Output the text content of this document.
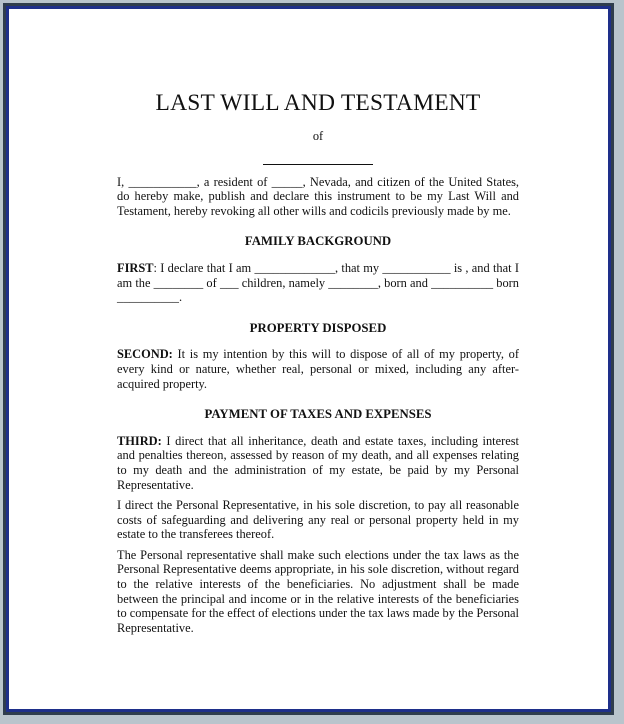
LAST WILL AND TESTAMENT
of

I, ___________, a resident of _____, Nevada, and citizen of the United States, do hereby make, publish and declare this instrument to be my Last Will and Testament, hereby revoking all other wills and codicils previously made by me.

FAMILY BACKGROUND

FIRST: I declare that I am _____________, that my ___________ is , and that I am the ________ of ___ children, namely ________, born and __________ born __________.

PROPERTY DISPOSED

SECOND: It is my intention by this will to dispose of all of my property, of every kind or nature, whether real, personal or mixed, including any after-acquired property.

PAYMENT OF TAXES AND EXPENSES

THIRD: I direct that all inheritance, death and estate taxes, including interest and penalties thereon, assessed by reason of my death, and all expenses relating to my death and the administration of my estate, be paid by my Personal Representative.

I direct the Personal Representative, in his sole discretion, to pay all reasonable costs of safeguarding and delivering any real or personal property held in my estate to the transferees thereof.

The Personal representative shall make such elections under the tax laws as the Personal Representative deems appropriate, in his sole discretion, without regard to the relative interests of the beneficiaries. No adjustment shall be made between the principal and income or in the relative interests of the beneficiaries to compensate for the effect of elections under the tax laws made by the Personal Representative.
